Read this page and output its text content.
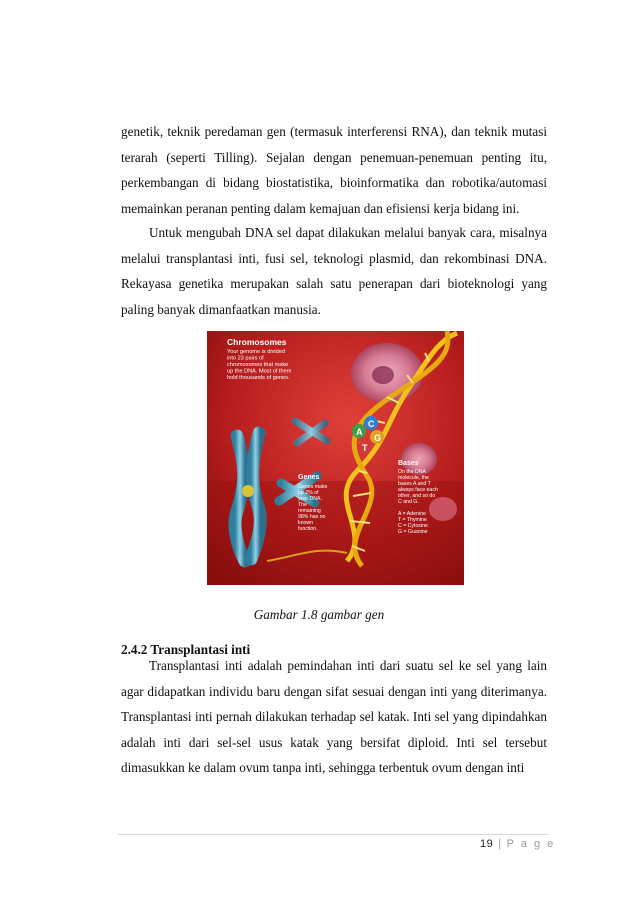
genetik, teknik peredaman gen (termasuk interferensi RNA), dan teknik mutasi terarah (seperti Tilling). Sejalan dengan penemuan-penemuan penting itu, perkembangan di bidang biostatistika, bioinformatika dan robotika/automasi memainkan peranan penting dalam kemajuan dan efisiensi kerja bidang ini.

Untuk mengubah DNA sel dapat dilakukan melalui banyak cara, misalnya melalui transplantasi inti, fusi sel, teknologi plasmid, dan rekombinasi DNA. Rekayasa genetika merupakan salah satu penerapan dari bioteknologi yang paling banyak dimanfaatkan manusia.

A
C
G
T
Chromosomes
Your genome is divided
into 23 pairs of
chromosomes that make
up the DNA. Most of them
hold thousands of genes.
Genes
Genes make
up 2% of
your DNA.
The
remaining
98% has no
known
function.
Bases
On the DNA
molecule, the
bases A and T
always face each
other, and so do
C and G.
A = Adenine
T = Thymine
C = Cytosine
G = Guanine
Gambar 1.8 gambar gen
2.4.2 Transplantasi inti

Transplantasi inti adalah pemindahan inti dari suatu sel ke sel yang lain agar didapatkan individu baru dengan sifat sesuai dengan inti yang diterimanya. Transplantasi inti pernah dilakukan terhadap sel katak. Inti sel yang dipindahkan adalah inti dari sel-sel usus katak yang bersifat diploid. Inti sel tersebut dimasukkan ke dalam ovum tanpa inti, sehingga terbentuk ovum dengan inti

19 | P a g e
